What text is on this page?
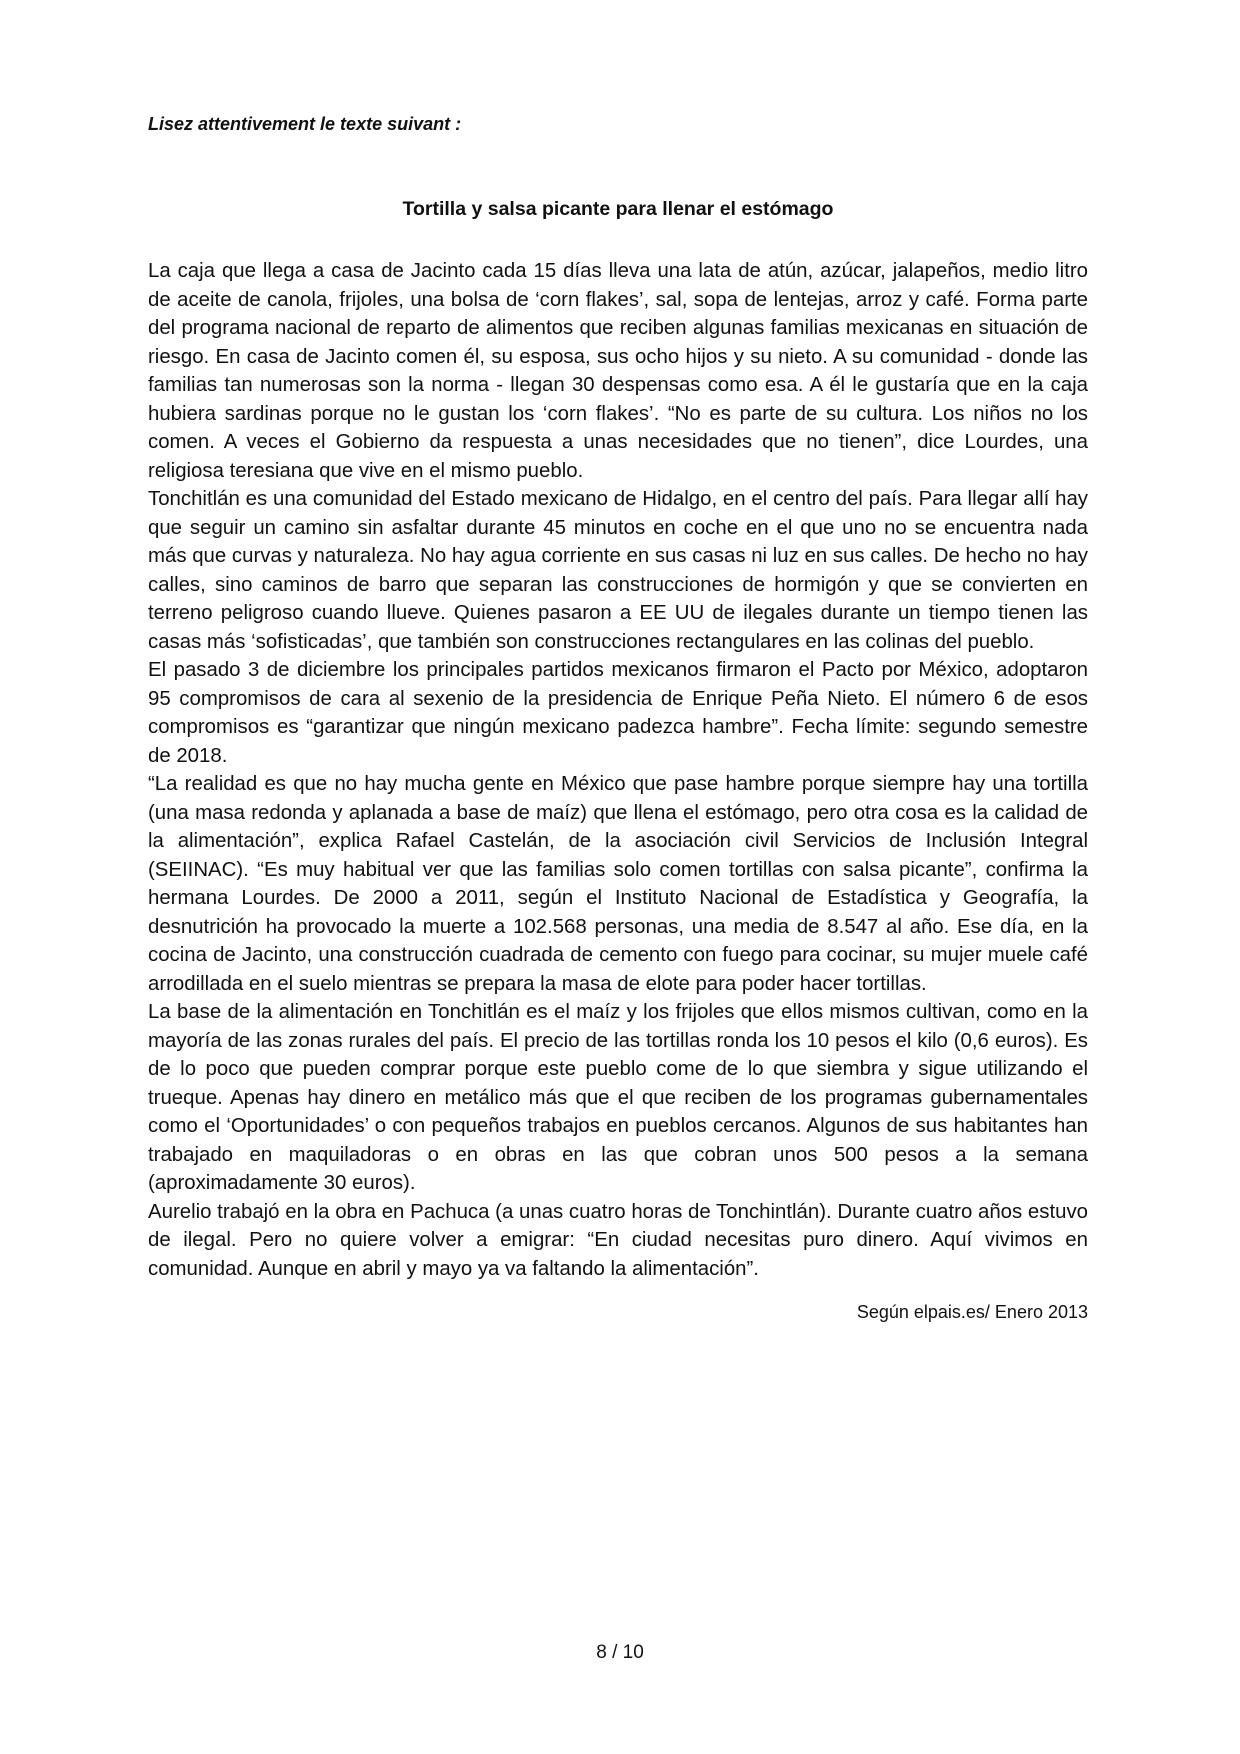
Lisez attentivement le texte suivant :

Tortilla y salsa picante para llenar el estómago

La caja que llega a casa de Jacinto cada 15 días lleva una lata de atún, azúcar, jalapeños, medio litro de aceite de canola, frijoles, una bolsa de ‘corn flakes’, sal, sopa de lentejas, arroz y café. Forma parte del programa nacional de reparto de alimentos que reciben algunas familias mexicanas en situación de riesgo. En casa de Jacinto comen él, su esposa, sus ocho hijos y su nieto. A su comunidad - donde las familias tan numerosas son la norma - llegan 30 despensas como esa. A él le gustaría que en la caja hubiera sardinas porque no le gustan los ‘corn flakes’. “No es parte de su cultura. Los niños no los comen. A veces el Gobierno da respuesta a unas necesidades que no tienen”, dice Lourdes, una religiosa teresiana que vive en el mismo pueblo.

Tonchitlán es una comunidad del Estado mexicano de Hidalgo, en el centro del país. Para llegar allí hay que seguir un camino sin asfaltar durante 45 minutos en coche en el que uno no se encuentra nada más que curvas y naturaleza. No hay agua corriente en sus casas ni luz en sus calles. De hecho no hay calles, sino caminos de barro que separan las construcciones de hormigón y que se convierten en terreno peligroso cuando llueve. Quienes pasaron a EE UU de ilegales durante un tiempo tienen las casas más ‘sofisticadas’, que también son construcciones rectangulares en las colinas del pueblo.

El pasado 3 de diciembre los principales partidos mexicanos firmaron el Pacto por México, adoptaron 95 compromisos de cara al sexenio de la presidencia de Enrique Peña Nieto. El número 6 de esos compromisos es “garantizar que ningún mexicano padezca hambre”. Fecha límite: segundo semestre de 2018.

“La realidad es que no hay mucha gente en México que pase hambre porque siempre hay una tortilla (una masa redonda y aplanada a base de maíz) que llena el estómago, pero otra cosa es la calidad de la alimentación”, explica Rafael Castelán, de la asociación civil Servicios de Inclusión Integral (SEIINAC). “Es muy habitual ver que las familias solo comen tortillas con salsa picante”, confirma la hermana Lourdes. De 2000 a 2011, según el Instituto Nacional de Estadística y Geografía, la desnutrición ha provocado la muerte a 102.568 personas, una media de 8.547 al año. Ese día, en la cocina de Jacinto, una construcción cuadrada de cemento con fuego para cocinar, su mujer muele café arrodillada en el suelo mientras se prepara la masa de elote para poder hacer tortillas.

La base de la alimentación en Tonchitlán es el maíz y los frijoles que ellos mismos cultivan, como en la mayoría de las zonas rurales del país. El precio de las tortillas ronda los 10 pesos el kilo (0,6 euros). Es de lo poco que pueden comprar porque este pueblo come de lo que siembra y sigue utilizando el trueque. Apenas hay dinero en metálico más que el que reciben de los programas gubernamentales como el ‘Oportunidades’ o con pequeños trabajos en pueblos cercanos. Algunos de sus habitantes han trabajado en maquiladoras o en obras en las que cobran unos 500 pesos a la semana (aproximadamente 30 euros).

Aurelio trabajó en la obra en Pachuca (a unas cuatro horas de Tonchintlán). Durante cuatro años estuvo de ilegal. Pero no quiere volver a emigrar: “En ciudad necesitas puro dinero. Aquí vivimos en comunidad. Aunque en abril y mayo ya va faltando la alimentación”.

Según elpais.es/ Enero 2013

8 / 10
